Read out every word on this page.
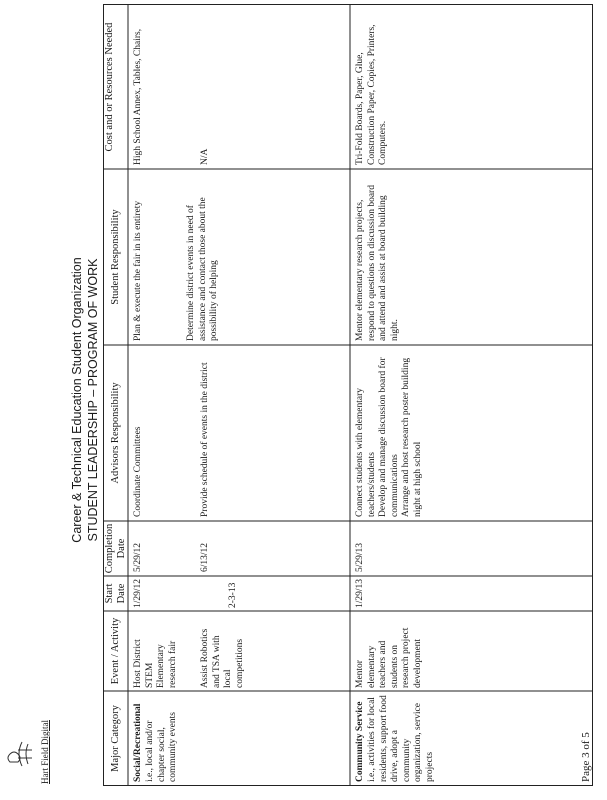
Hart Field Digital
Career & Technical Education Student Organization STUDENT LEADERSHIP – PROGRAM OF WORK
Major Category
Event / Activity
Start Date
Completion Date
Advisors Responsibility
Student Responsibility
Cost and or Resources Needed
Social/Recreational i.e., local and/or chapter social, community events
Host District STEM Elementary research fair
1/29/12
5/29/12
Coordinate Committees
Plan & execute the fair in its entirety
High School Annex, Tables, Chairs,
Assist Robotics and TSA with local competitions
2-3-13
6/13/12
Provide schedule of events in the district
Determine district events in need of assistance and contact those about the possibility of helping
N/A
Community Service i.e., activities for local residents, support food drive, adopt a community organization, service projects
Mentor elementary teachers and students on research project development
1/29/13
5/29/13
Connect students with elementary teachers/students
Develop and manage discussion board for communications
Arrange and host research poster building night at high school
Mentor elementary research projects, respond to questions on discussion board and attend and assist at board building night.
Tri-Fold Boards, Paper, Glue, Construction Paper, Copies, Printers, Computers.
Page 3 of 5
